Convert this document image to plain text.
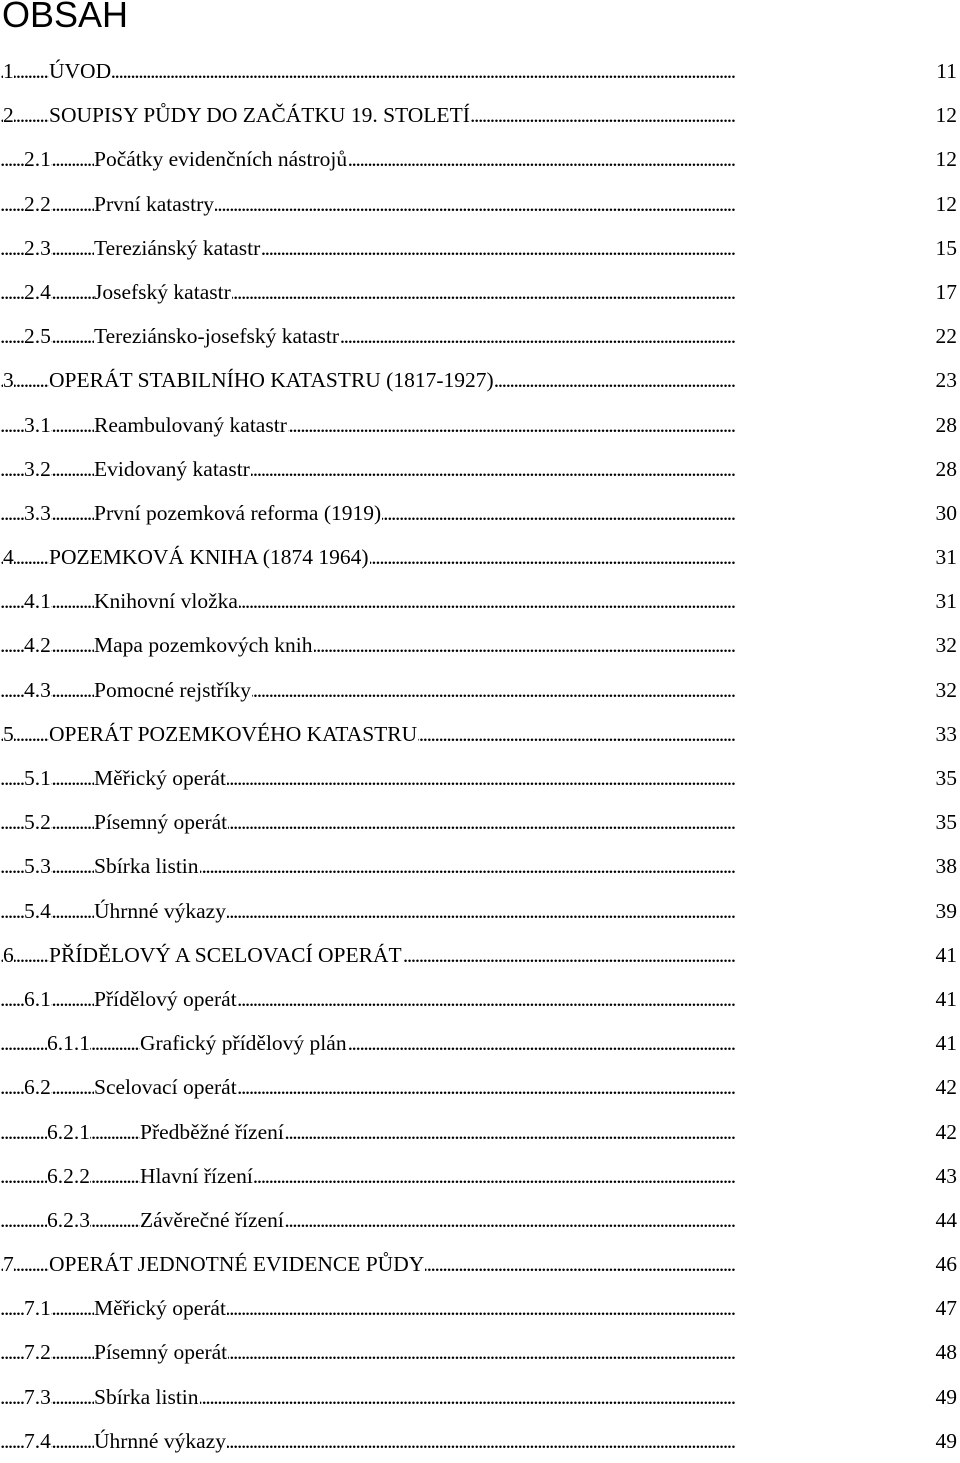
OBSAH
. . .
1 ÚVOD	11
. . .
2 SOUPISY PŮDY DO ZAČÁTKU 19. STOLETÍ	12
. . .
2.1 Počátky evidenčních nástrojů	12
. . .
2.2 První katastry	12
. . .
2.3 Tereziánský katastr	15
. . .
2.4 Josefský katastr	17
. . .
2.5 Tereziánsko-josefský katastr	22
. . .
3 OPERÁT STABILNÍHO KATASTRU (1817-1927)	23
. . .
3.1 Reambulovaný katastr	28
. . .
3.2 Evidovaný katastr	28
. . .
3.3 První pozemková reforma (1919)	30
. . .
4 POZEMKOVÁ KNIHA (1874 1964)	31
. . .
4.1 Knihovní vložka	31
. . .
4.2 Mapa pozemkových knih	32
. . .
4.3 Pomocné rejstříky	32
. . .
5 OPERÁT POZEMKOVÉHO KATASTRU	33
. . .
5.1 Měřický operát	35
. . .
5.2 Písemný operát	35
. . .
5.3 Sbírka listin	38
. . .
5.4 Úhrnné výkazy	39
. . .
6 PŘÍDĚLOVÝ A SCELOVACÍ OPERÁT	41
. . .
6.1 Přídělový operát	41
. . .
6.1.1 Grafický přídělový plán	41
. . .
6.2 Scelovací operát	42
. . .
6.2.1 Předběžné řízení	42
. . .
6.2.2 Hlavní řízení	43
. . .
6.2.3 Závěrečné řízení	44
. . .
7 OPERÁT JEDNOTNÉ EVIDENCE PŮDY	46
. . .
7.1 Měřický operát	47
. . .
7.2 Písemný operát	48
. . .
7.3 Sbírka listin	49
. . .
7.4 Úhrnné výkazy	49
